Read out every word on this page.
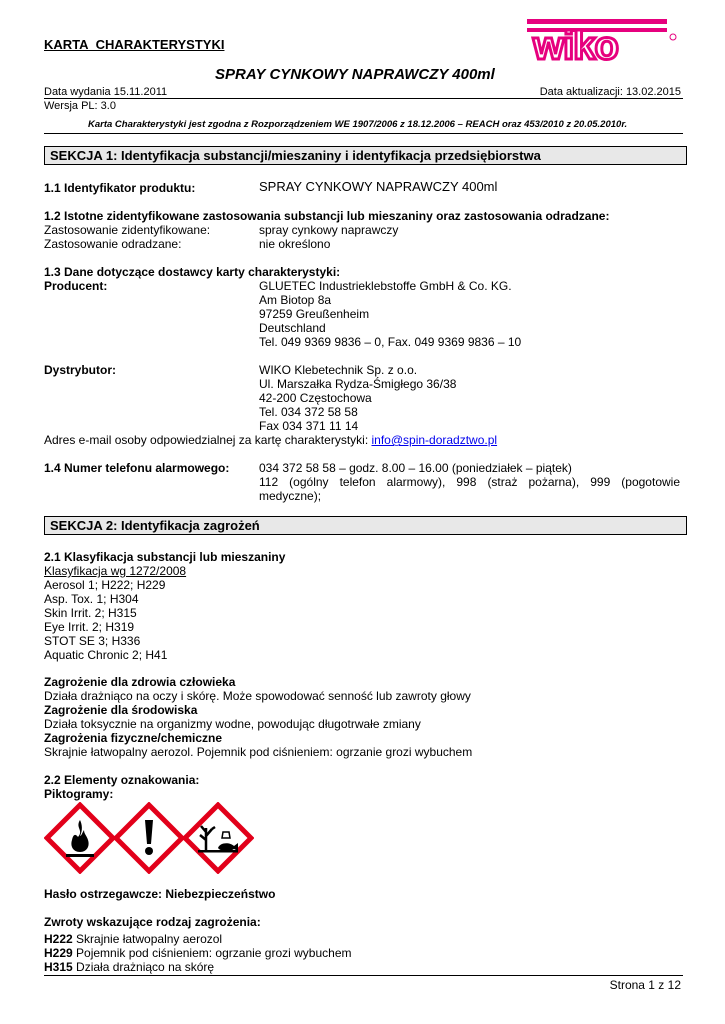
KARTA CHARAKTERYSTYKI	wiko
SPRAY CYNKOWY NAPRAWCZY 400ml
Data wydania 15.11.2011	Data aktualizacji: 13.02.2015
Wersja PL: 3.0
Karta Charakterystyki jest zgodna z Rozporządzeniem WE 1907/2006 z 18.12.2006 – REACH oraz 453/2010 z 20.05.2010r.
SEKCJA 1: Identyfikacja substancji/mieszaniny i identyfikacja przedsiębiorstwa
1.1 Identyfikator produktu:	SPRAY CYNKOWY NAPRAWCZY 400ml
1.2 Istotne zidentyfikowane zastosowania substancji lub mieszaniny oraz zastosowania odradzane:
Zastosowanie zidentyfikowane:	spray cynkowy naprawczy
Zastosowanie odradzane:	nie określono
1.3 Dane dotyczące dostawcy karty charakterystyki:
Producent:	GLUETEC Industrieklebstoffe GmbH & Co. KG.
Am Biotop 8a
97259 Greußenheim
Deutschland
Tel. 049 9369 9836 – 0, Fax. 049 9369 9836 – 10
Dystrybutor:	WIKO Klebetechnik Sp. z o.o.
Ul. Marszałka Rydza-Śmigłego 36/38
42-200 Częstochowa
Tel. 034 372 58 58
Fax 034 371 11 14
Adres e-mail osoby odpowiedzialnej za kartę charakterystyki: info@spin-doradztwo.pl
1.4 Numer telefonu alarmowego: 034 372 58 58 – godz. 8.00 – 16.00 (poniedziałek – piątek)
112 (ogólny telefon alarmowy), 998 (straż pożarna), 999 (pogotowie
medyczne);
SEKCJA 2: Identyfikacja zagrożeń
2.1 Klasyfikacja substancji lub mieszaniny
Klasyfikacja wg 1272/2008
Aerosol 1; H222; H229
Asp. Tox. 1; H304
Skin Irrit. 2; H315
Eye Irrit. 2; H319
STOT SE 3; H336
Aquatic Chronic 2; H41
Zagrożenie dla zdrowia człowieka
Działa drażniąco na oczy i skórę. Może spowodować senność lub zawroty głowy
Zagrożenie dla środowiska
Działa toksycznie na organizmy wodne, powodując długotrwałe zmiany
Zagrożenia fizyczne/chemiczne
Skrajnie łatwopalny aerozol. Pojemnik pod ciśnieniem: ogrzanie grozi wybuchem
2.2 Elementy oznakowania:
Piktogramy:
Hasło ostrzegawcze: Niebezpieczeństwo
Zwroty wskazujące rodzaj zagrożenia:
H222 Skrajnie łatwopalny aerozol
H229 Pojemnik pod ciśnieniem: ogrzanie grozi wybuchem
H315 Działa drażniąco na skórę
Strona 1 z 12
